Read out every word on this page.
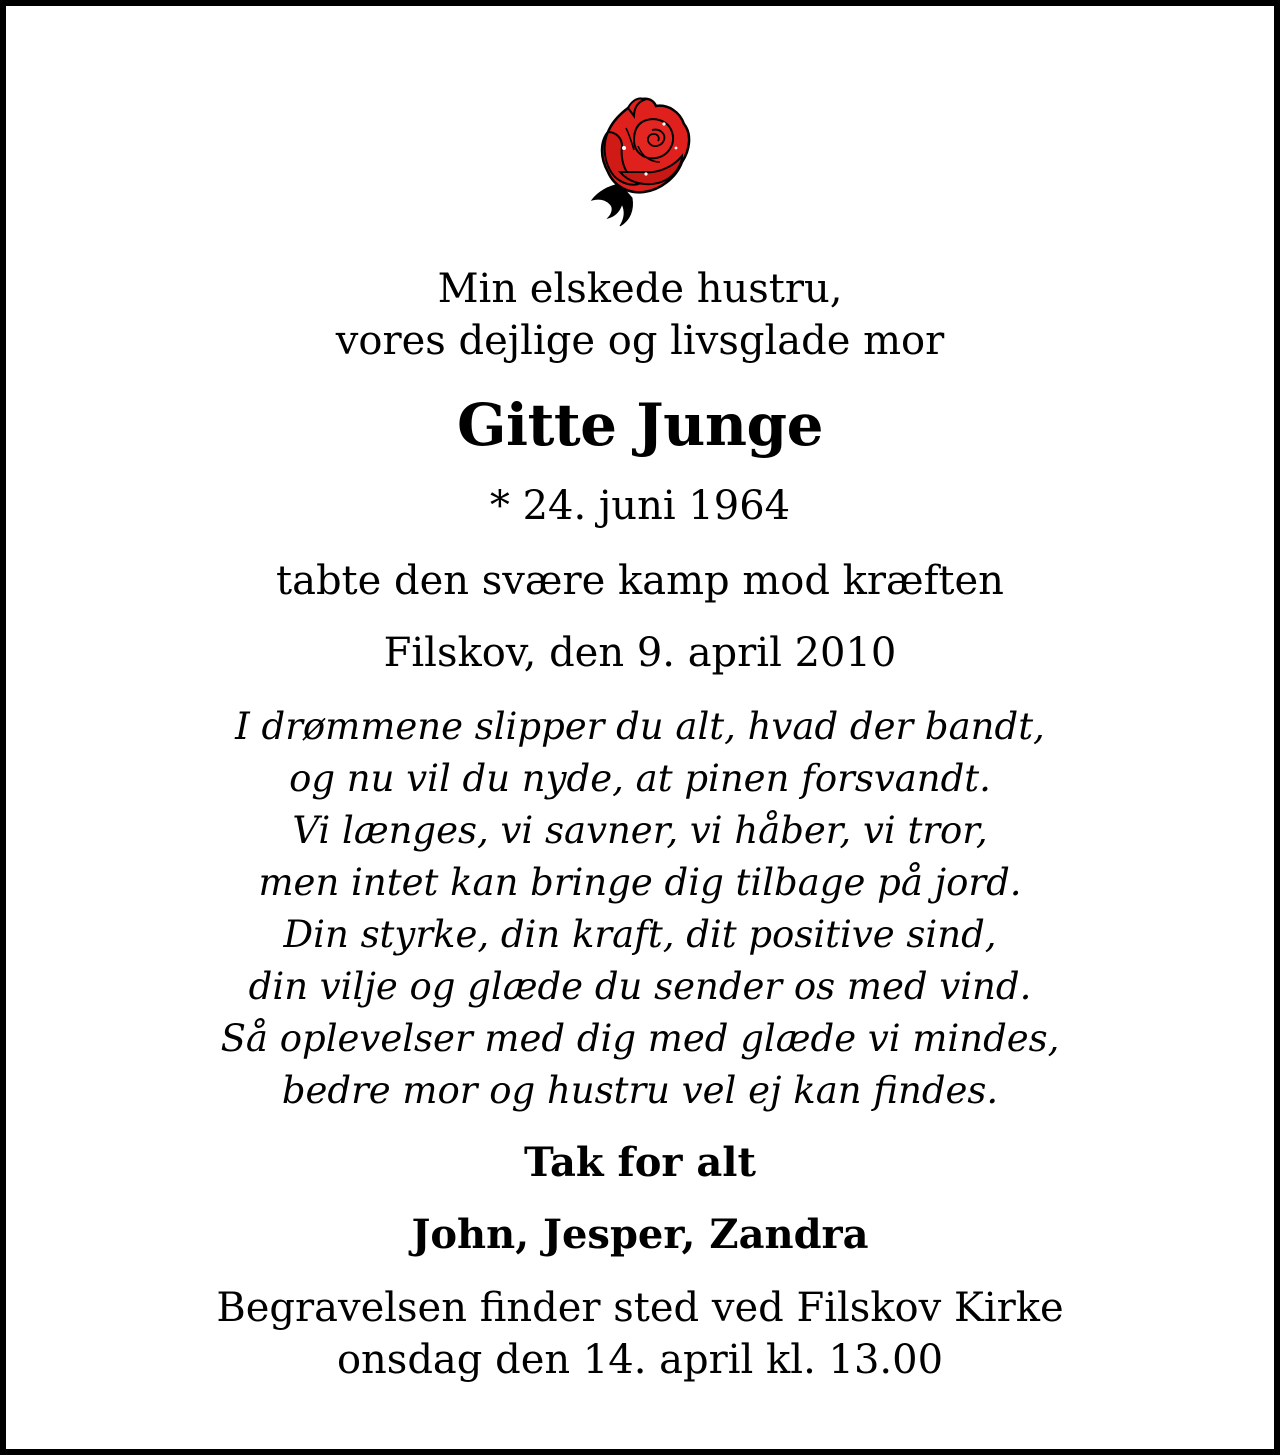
Min elskede hustru,
vores dejlige og livsglade mor
Gitte Junge
* 24. juni 1964
tabte den svære kamp mod kræften
Filskov, den 9. april 2010
I drømmene slipper du alt, hvad der bandt,
og nu vil du nyde, at pinen forsvandt.
Vi længes, vi savner, vi håber, vi tror,
men intet kan bringe dig tilbage på jord.
Din styrke, din kraft, dit positive sind,
din vilje og glæde du sender os med vind.
Så oplevelser med dig med glæde vi mindes,
bedre mor og hustru vel ej kan findes.
Tak for alt
John, Jesper, Zandra
Begravelsen finder sted ved Filskov Kirke
onsdag den 14. april kl. 13.00
